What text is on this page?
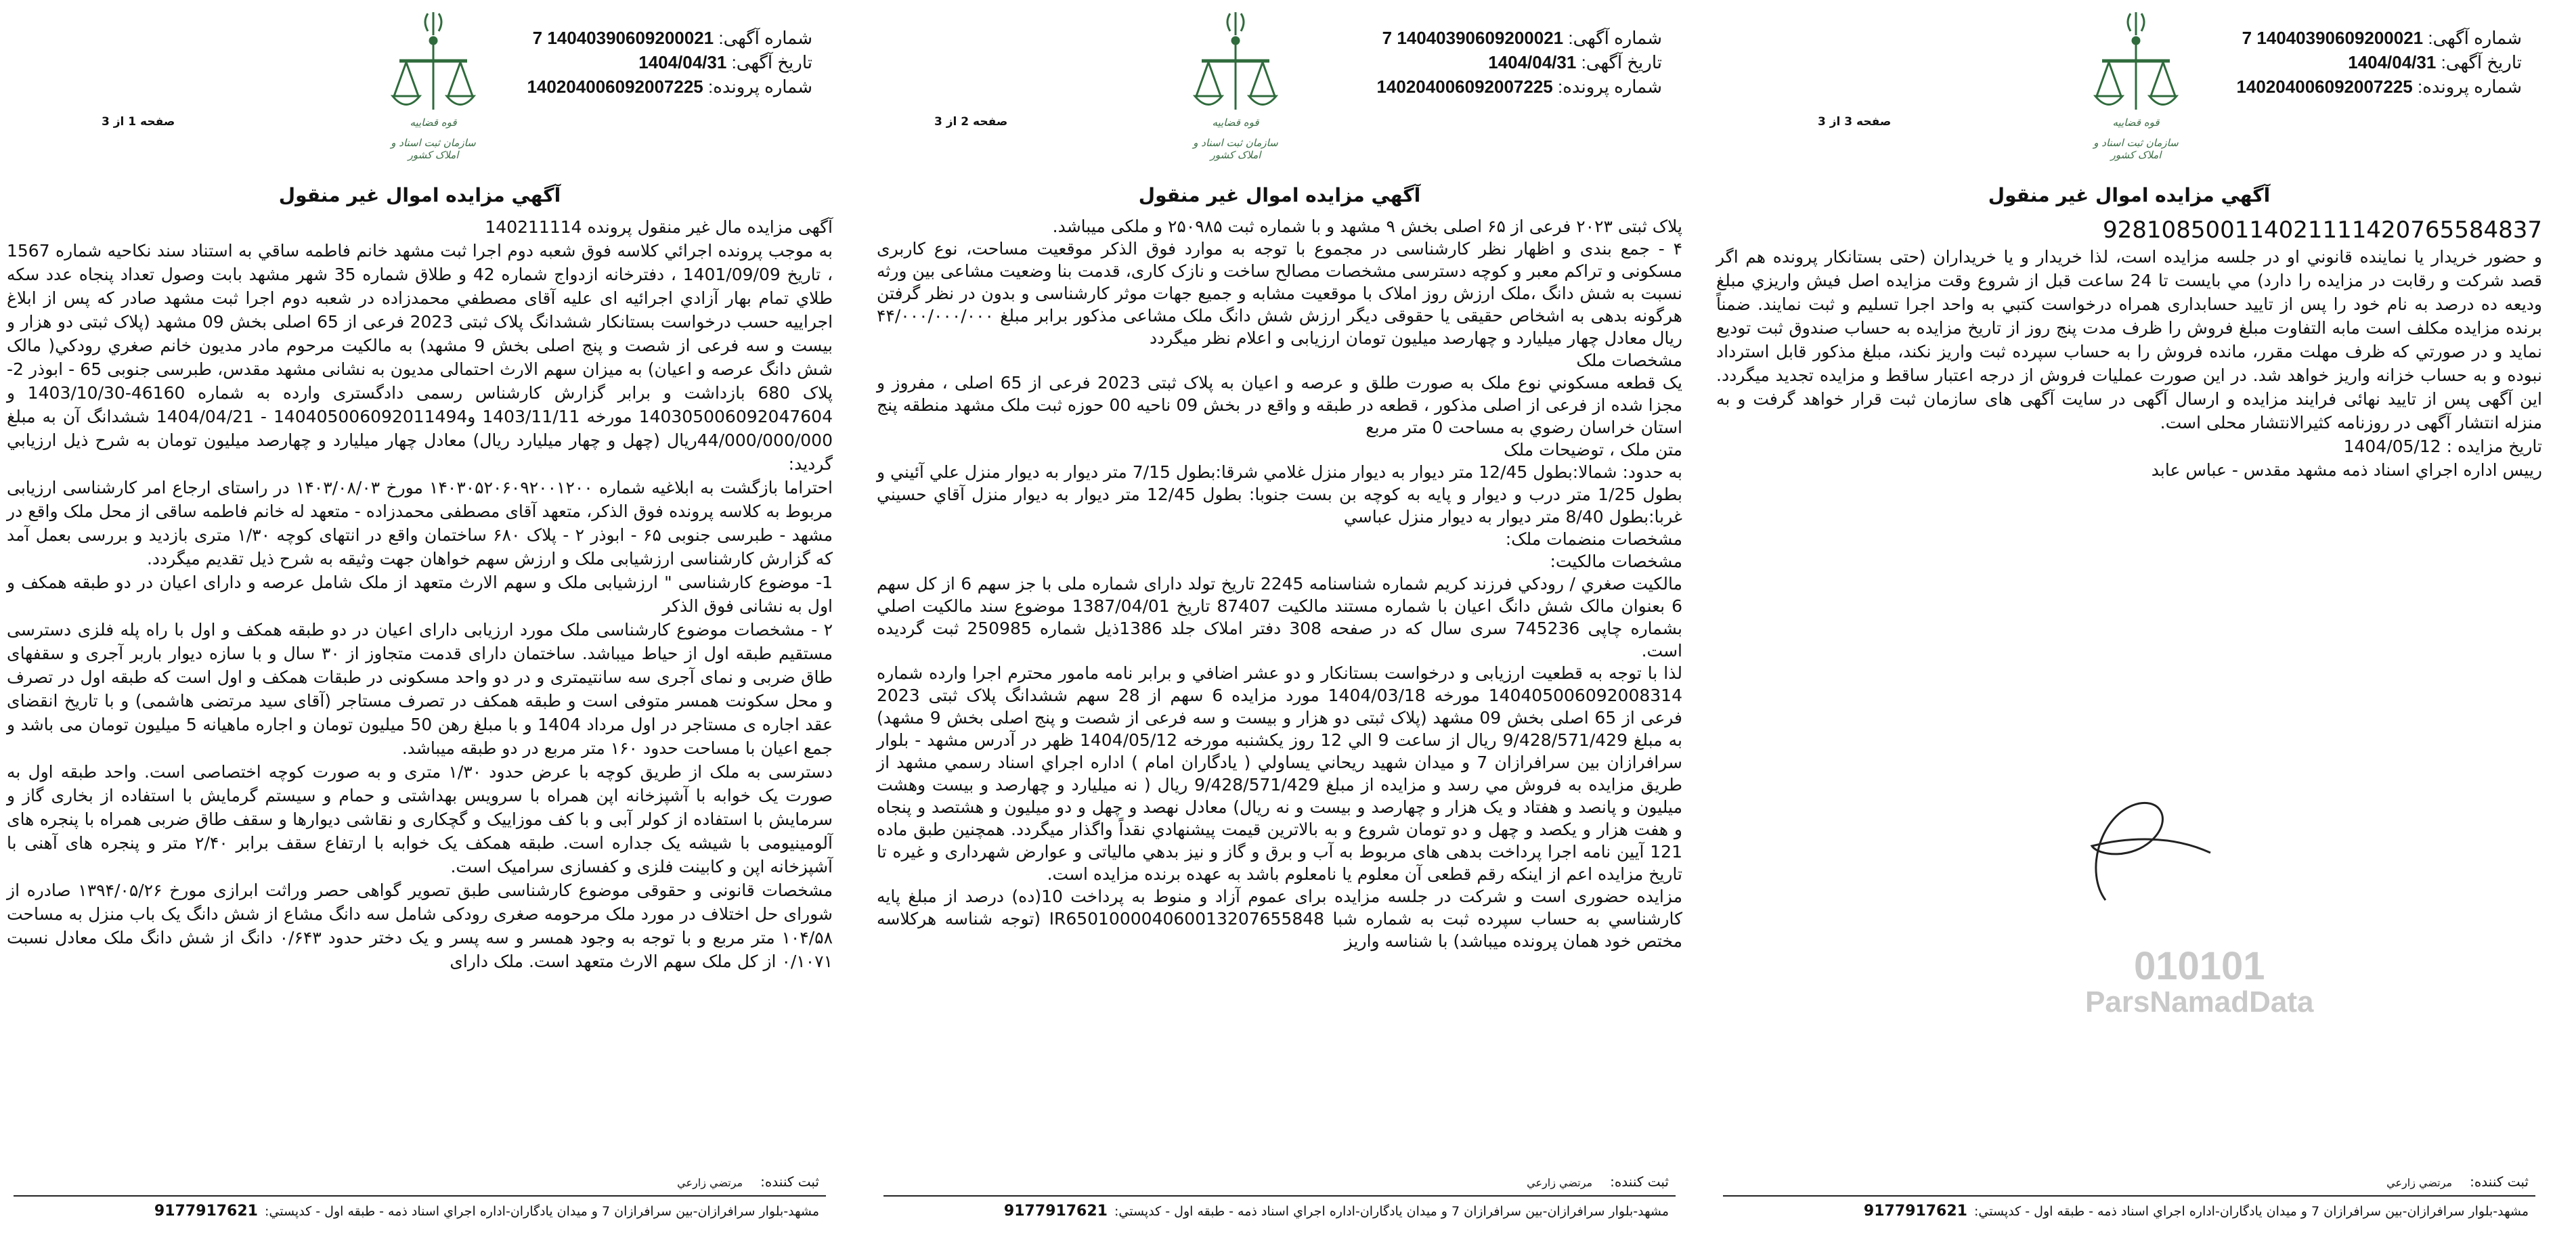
قوه قضاییه
سازمان ثبت اسناد و املاک کشور
شماره آگهی: 14040390609200021 7
تاریخ آگهی: 1404/04/31
شماره پرونده: 140204006092007225
صفحه 1 از 3
آگهي مزايده اموال غير منقول

آگهی مزایده مال غیر منقول پرونده 140211114

به موجب پرونده اجرائي كلاسه فوق شعبه دوم اجرا ثبت مشهد خانم فاطمه ساقي به استناد سند نكاحيه شماره 1567 ، تاريخ 1401/09/09 ، دفترخانه ازدواج شماره 42 و طلاق شماره 35 شهر مشهد بابت وصول تعداد پنجاه عدد سكه طلاي تمام بهار آزادي اجرائيه ای عليه آقای مصطفي محمدزاده در شعبه دوم اجرا ثبت مشهد صادر كه پس از ابلاغ اجرایيه حسب درخواست بستانكار ششدانگ پلاک ثبتی 2023 فرعی از 65 اصلی بخش 09 مشهد (پلاک ثبتی دو هزار و بيست و سه فرعی از شصت و پنج اصلی بخش 9 مشهد) به مالكيت مرحوم مادر مديون خانم صغري رودكي( مالک شش دانگ عرصه و اعيان) به ميزان سهم الارث احتمالی مديون به نشانی مشهد مقدس، طبرسی جنوبی 65 - ابوذر 2- پلاک 680 بازداشت و برابر گزارش كارشناس رسمی دادگستری وارده به شماره 46160-1403/10/30 و 140305006092047604 مورخه 1403/11/11 و140405006092011494 - 1404/04/21 ششدانگ آن به مبلغ 44/000/000/000ريال (چهل و چهار ميليارد ريال) معادل چهار ميليارد و چهارصد ميليون تومان به شرح ذيل ارزيابي گرديد:

احتراما بازگشت به ابلاغيه شماره ۱۴۰۳۰۵۲۰۶۰۹۲۰۰۱۲۰۰ مورخ ۱۴۰۳/۰۸/۰۳ در راستای ارجاع امر کارشناسی ارزيابی مربوط به كلاسه پرونده فوق الذكر، متعهد آقای مصطفی محمدزاده - متعهد له خانم فاطمه ساقی از محل ملک واقع در مشهد - طبرسی جنوبی ۶۵ - ابوذر ۲ - پلاک ۶۸۰ ساختمان واقع در انتهای کوچه ۱/۳۰ متری بازديد و بررسی بعمل آمد که گزارش کارشناسی ارزشيابی ملک و ارزش سهم خواهان جهت وثيقه به شرح ذيل تقديم ميگردد.

1- موضوع کارشناسی " ارزشيابی ملک و سهم الارث متعهد از ملک شامل عرصه و دارای اعيان در دو طبقه همکف و اول به نشانی فوق الذکر

۲ - مشخصات موضوع کارشناسی ملک مورد ارزيابی دارای اعيان در دو طبقه همکف و اول با راه پله فلزی دسترسی مستقيم طبقه اول از حياط ميباشد. ساختمان دارای قدمت متجاوز از ۳۰ سال و با سازه ديوار باربر آجری و سقفهای طاق ضربی و نمای آجری سه سانتيمتری و در دو واحد مسکونی در طبقات همکف و اول است که طبقه اول در تصرف و محل سکونت همسر متوفی است و طبقه همکف در تصرف مستاجر (آقای سيد مرتضی هاشمی) و با تاريخ انقضای عقد اجاره ی مستاجر در اول مرداد 1404 و با مبلغ رهن 50 ميليون تومان و اجاره ماهيانه 5 ميليون تومان می باشد و جمع اعيان با مساحت حدود ۱۶۰ متر مربع در دو طبقه ميباشد.

دسترسی به ملک از طريق کوچه با عرض حدود ۱/۳۰ متری و به صورت کوچه اختصاصی است. واحد طبقه اول به صورت يک خوابه با آشپزخانه اپن همراه با سرويس بهداشتی و حمام و سيستم گرمايش با استفاده از بخاری گاز و سرمايش با استفاده از کولر آبی و با کف موزاييک و گچکاری و نقاشی ديوارها و سقف طاق ضربی همراه با پنجره های آلومينيومی با شيشه يک جداره است. طبقه همکف يک خوابه با ارتفاع سقف برابر ۲/۴۰ متر و پنجره های آهنی با آشپزخانه اپن و کابينت فلزی و کفسازی سراميک است.

مشخصات قانونی و حقوقی موضوع کارشناسی طبق تصوير گواهی حصر وراثت ابرازی مورخ ۱۳۹۴/۰۵/۲۶ صادره از شورای حل اختلاف در مورد ملک مرحومه صغری رودکی شامل سه دانگ مشاع از شش دانگ يک باب منزل به مساحت ۱۰۴/۵۸ متر مربع و با توجه به وجود همسر و سه پسر و يک دختر حدود ۰/۶۴۳ دانگ از شش دانگ ملک معادل نسبت ۰/۱۰۷۱ از کل ملک سهم الارث متعهد است. ملک دارای

ثبت کننده:مرتضي زارعي
مشهد-بلوار سرافرازان-بين سرافرازان 7 و ميدان يادگاران-اداره اجراي اسناد ذمه - طبقه اول - کدپستي:9177917621
قوه قضاییه
سازمان ثبت اسناد و املاک کشور
شماره آگهی: 14040390609200021 7
تاریخ آگهی: 1404/04/31
شماره پرونده: 140204006092007225
صفحه 2 از 3
آگهي مزايده اموال غير منقول

پلاک ثبتی ۲۰۲۳ فرعی از ۶۵ اصلی بخش ۹ مشهد و با شماره ثبت ۲۵۰۹۸۵ و ملکی ميباشد.

۴ - جمع بندی و اظهار نظر کارشناسی در مجموع با توجه به موارد فوق الذکر موقعيت مساحت، نوع کاربری مسکونی و تراکم معبر و کوچه دسترسی مشخصات مصالح ساخت و نازک کاری، قدمت بنا وضعيت مشاعی بين ورثه نسبت به شش دانگ ،ملک ارزش روز املاک با موقعيت مشابه و جميع جهات موثر کارشناسی و بدون در نظر گرفتن هرگونه بدهی به اشخاص حقيقی يا حقوقی ديگر ارزش شش دانگ ملک مشاعی مذکور برابر مبلغ ۴۴/۰۰۰/۰۰۰/۰۰۰ ريال معادل چهار ميليارد و چهارصد ميليون تومان ارزيابی و اعلام نظر ميگردد

مشخصات ملک

يک قطعه مسکوني نوع ملک به صورت طلق و عرصه و اعيان به پلاک ثبتی 2023 فرعی از 65 اصلی ، مفروز و مجزا شده از فرعی از اصلی مذکور ، قطعه در طبقه و واقع در بخش 09 ناحيه 00 حوزه ثبت ملک مشهد منطقه پنج استان خراسان رضوي به مساحت 0 متر مربع

متن ملک ، توضيحات ملک

به حدود: شمالا:بطول 12/45 متر ديوار به ديوار منزل غلامي شرقا:بطول 7/15 متر ديوار به ديوار منزل علي آئيني و بطول 1/25 متر درب و ديوار و پايه به کوچه بن بست جنوبا: بطول 12/45 متر ديوار به ديوار منزل آقاي حسيني غربا:بطول 8/40 متر ديوار به ديوار منزل عباسي

مشخصات منضمات ملک:

مشخصات مالکيت:

مالکيت صغري / رودکي فرزند کريم شماره شناسنامه 2245 تاريخ تولد دارای شماره ملی با جز سهم 6 از کل سهم 6 بعنوان مالک شش دانگ اعيان با شماره مستند مالکيت 87407 تاريخ 1387/04/01 موضوع سند مالکيت اصلي بشماره چاپی 745236 سری سال که در صفحه 308 دفتر املاک جلد 1386ذيل شماره 250985 ثبت گرديده است.

لذا با توجه به قطعيت ارزيابی و درخواست بستانكار و دو عشر اضافي و برابر نامه مامور محترم اجرا وارده شماره 140405006092008314 مورخه 1404/03/18 مورد مزايده 6 سهم از 28 سهم ششدانگ پلاک ثبتی 2023 فرعی از 65 اصلی بخش 09 مشهد (پلاک ثبتی دو هزار و بيست و سه فرعی از شصت و پنج اصلی بخش 9 مشهد) به مبلغ 9/428/571/429 ريال از ساعت 9 الي 12 روز يكشنبه مورخه 1404/05/12 ظهر در آدرس مشهد - بلوار سرافرازان بين سرافرازان 7 و ميدان شهيد ريحاني يساولي ( يادگاران امام ) اداره اجراي اسناد رسمي مشهد از طريق مزايده به فروش مي رسد و مزايده از مبلغ 9/428/571/429 ريال ( نه ميليارد و چهارصد و بيست وهشت ميليون و پانصد و هفتاد و يک هزار و چهارصد و بيست و نه ريال) معادل نهصد و چهل و دو ميليون و هشتصد و پنجاه و هفت هزار و يکصد و چهل و دو تومان شروع و به بالاترين قيمت پيشنهادي نقداً واگذار ميگردد. همچنين طبق ماده 121 آيين نامه اجرا پرداخت بدهی های مربوط به آب و برق و گاز و نيز بدهي مالياتی و عوارض شهرداری و غيره تا تاريخ مزايده اعم از اينکه رقم قطعی آن معلوم يا نامعلوم باشد به عهده برنده مزايده است.

مزايده حضوری است و شرکت در جلسه مزايده برای عموم آزاد و منوط به پرداخت 10(ده) درصد از مبلغ پايه کارشناسي به حساب سپرده ثبت به شماره شبا IR650100004060013207655848 (توجه شناسه هرکلاسه مختص خود همان پرونده ميباشد) با شناسه واريز

ثبت کننده:مرتضي زارعي
مشهد-بلوار سرافرازان-بين سرافرازان 7 و ميدان يادگاران-اداره اجراي اسناد ذمه - طبقه اول - کدپستي:9177917621
قوه قضاییه
سازمان ثبت اسناد و املاک کشور
شماره آگهی: 14040390609200021 7
تاریخ آگهی: 1404/04/31
شماره پرونده: 140204006092007225
صفحه 3 از 3
آگهي مزايده اموال غير منقول

928108500114021111420765584837

و حضور خريدار يا نماينده قانوني او در جلسه مزايده است، لذا خريدار و يا خريداران (حتی بستانکار پرونده هم اگر قصد شرکت و رقابت در مزايده را دارد) مي بايست تا 24 ساعت قبل از شروع وقت مزايده اصل فيش واريزي مبلغ وديعه ده درصد به نام خود را پس از تاييد حسابداری همراه درخواست کتبي به واحد اجرا تسليم و ثبت نمايند. ضمناً برنده مزايده مکلف است مابه التفاوت مبلغ فروش را ظرف مدت پنج روز از تاريخ مزايده به حساب صندوق ثبت توديع نمايد و در صورتي که ظرف مهلت مقرر، مانده فروش را به حساب سپرده ثبت واريز نکند، مبلغ مذکور قابل استرداد نبوده و به حساب خزانه واريز خواهد شد. در اين صورت عمليات فروش از درجه اعتبار ساقط و مزايده تجديد ميگردد. اين آگهی پس از تاييد نهائی فرايند مزايده و ارسال آگهی در سايت آگهی های سازمان ثبت قرار خواهد گرفت و به منزله انتشار آگهی در روزنامه کثيرالانتشار محلی است.

تاريخ مزايده : 1404/05/12

رييس اداره اجراي اسناد ذمه مشهد مقدس - عباس عابد

ثبت کننده:مرتضي زارعي
مشهد-بلوار سرافرازان-بين سرافرازان 7 و ميدان يادگاران-اداره اجراي اسناد ذمه - طبقه اول - کدپستي:9177917621
010101
ParsNamadData
